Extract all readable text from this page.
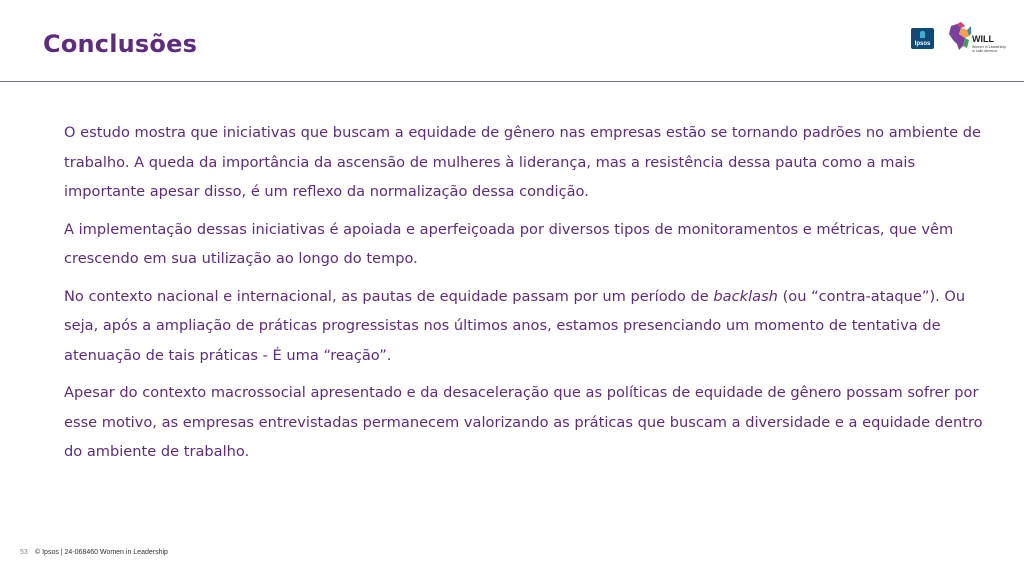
Conclusões	Ipsos	WILL
Women in Leadership in Latin America

O estudo mostra que iniciativas que buscam a equidade de gênero nas empresas estão se tornando padrões no ambiente de trabalho. A queda da importância da ascensão de mulheres à liderança, mas a resistência dessa pauta como a mais importante apesar disso, é um reflexo da normalização dessa condição.

A implementação dessas iniciativas é apoiada e aperfeiçoada por diversos tipos de monitoramentos e métricas, que vêm crescendo em sua utilização ao longo do tempo.

No contexto nacional e internacional, as pautas de equidade passam por um período de backlash (ou “contra-ataque”). Ou seja, após a ampliação de práticas progressistas nos últimos anos, estamos presenciando um momento de tentativa de atenuação de tais práticas - É uma “reação”.

Apesar do contexto macrossocial apresentado e da desaceleração que as políticas de equidade de gênero possam sofrer por esse motivo, as empresas entrevistadas permanecem valorizando as práticas que buscam a diversidade e a equidade dentro do ambiente de trabalho.

53 © Ipsos | 24-068460 Women in Leadership
